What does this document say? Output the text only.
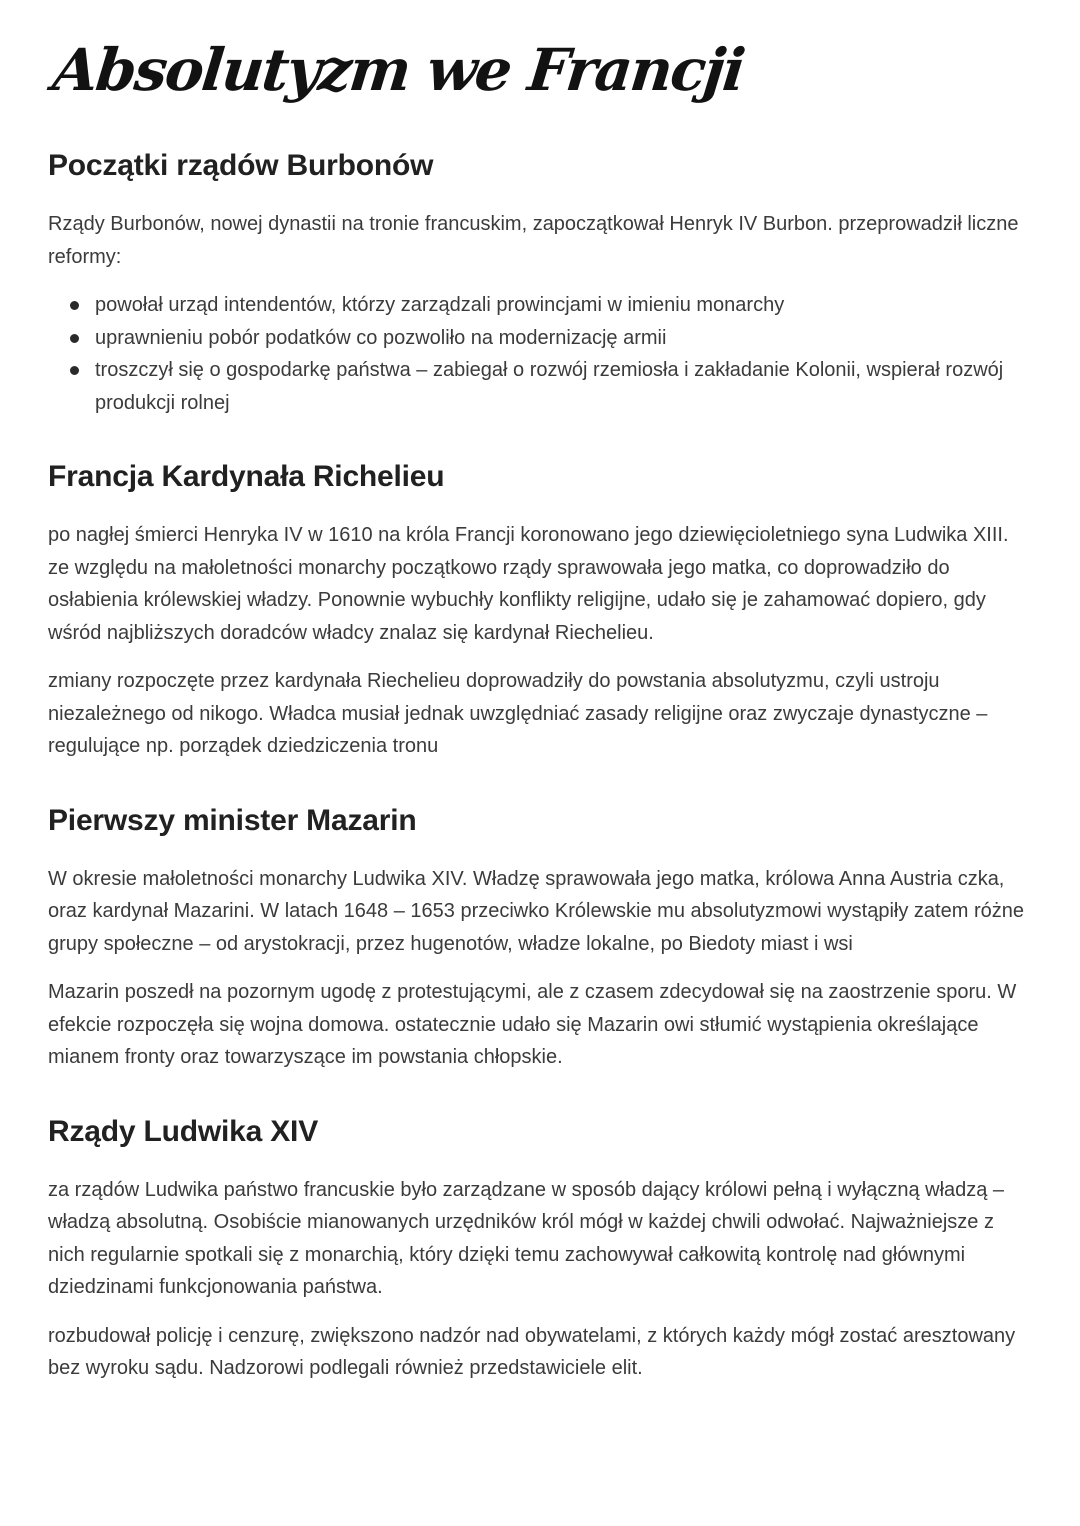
Absolutyzm we Francji
Początki rządów Burbonów

Rządy Burbonów, nowej dynastii na tronie francuskim, zapoczątkował Henryk IV Burbon. przeprowadził liczne reformy:

powołał urząd intendentów, którzy zarządzali prowincjami w imieniu monarchy
uprawnieniu pobór podatków co pozwoliło na modernizację armii
troszczył się o gospodarkę państwa – zabiegał o rozwój rzemiosła i zakładanie Kolonii, wspierał rozwój produkcji rolnej
Francja Kardynała Richelieu

po nagłej śmierci Henryka IV w 1610 na króla Francji koronowano jego dziewięcioletniego syna Ludwika XIII. ze względu na małoletności monarchy początkowo rządy sprawowała jego matka, co doprowadziło do osłabienia królewskiej władzy. Ponownie wybuchły konflikty religijne, udało się je zahamować dopiero, gdy wśród najbliższych doradców władcy znalaz się kardynał Riechelieu.

zmiany rozpoczęte przez kardynała Riechelieu doprowadziły do powstania absolutyzmu, czyli ustroju niezależnego od nikogo. Władca musiał jednak uwzględniać zasady religijne oraz zwyczaje dynastyczne – regulujące np. porządek dziedziczenia tronu

Pierwszy minister Mazarin

W okresie małoletności monarchy Ludwika XIV. Władzę sprawowała jego matka, królowa Anna Austria czka, oraz kardynał Mazarini. W latach 1648 – 1653 przeciwko Królewskie mu absolutyzmowi wystąpiły zatem różne grupy społeczne – od arystokracji, przez hugenotów, władze lokalne, po Biedoty miast i wsi

Mazarin poszedł na pozornym ugodę z protestującymi, ale z czasem zdecydował się na zaostrzenie sporu. W efekcie rozpoczęła się wojna domowa. ostatecznie udało się Mazarin owi stłumić wystąpienia określające mianem fronty oraz towarzyszące im powstania chłopskie.

Rządy Ludwika XIV

za rządów Ludwika państwo francuskie było zarządzane w sposób dający królowi pełną i wyłączną władzą – władzą absolutną. Osobiście mianowanych urzędników król mógł w każdej chwili odwołać. Najważniejsze z nich regularnie spotkali się z monarchią, który dzięki temu zachowywał całkowitą kontrolę nad głównymi dziedzinami funkcjonowania państwa.

rozbudował policję i cenzurę, zwiększono nadzór nad obywatelami, z których każdy mógł zostać aresztowany bez wyroku sądu. Nadzorowi podlegali również przedstawiciele elit.
